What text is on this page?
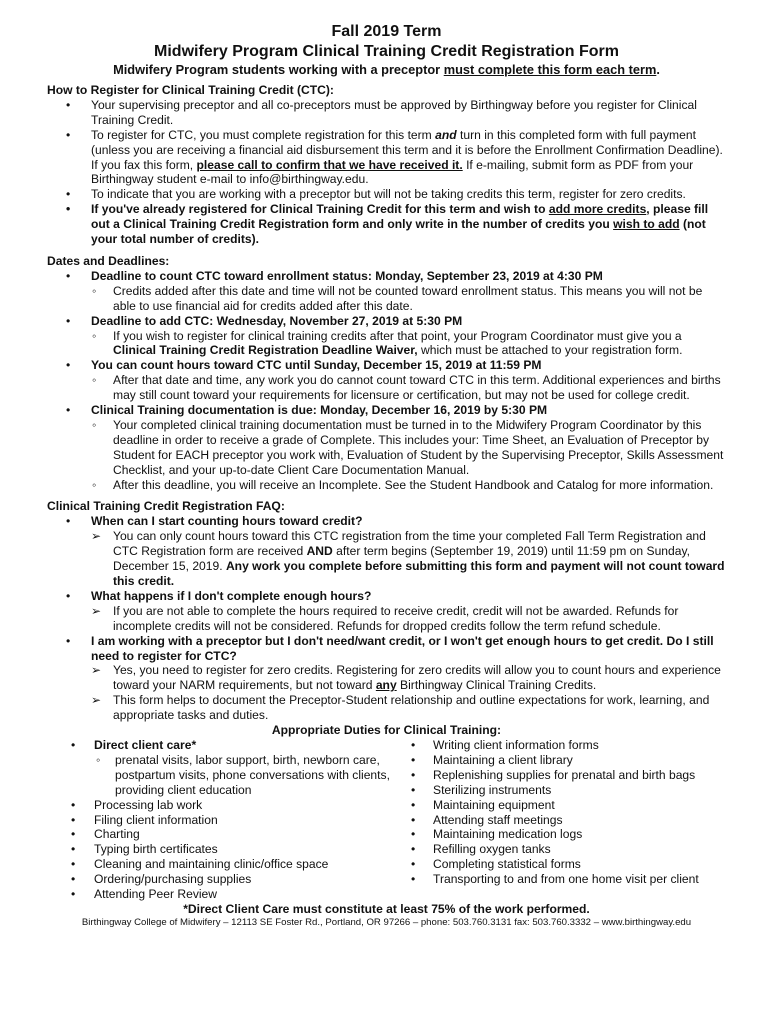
Fall 2019 Term

Midwifery Program Clinical Training Credit Registration Form

Midwifery Program students working with a preceptor must complete this form each term.

How to Register for Clinical Training Credit (CTC):

• Your supervising preceptor and all co-preceptors must be approved by Birthingway before you register for Clinical Training Credit.
• To register for CTC, you must complete registration for this term and turn in this completed form with full payment (unless you are receiving a financial aid disbursement this term and it is before the Enrollment Confirmation Deadline). If you fax this form, please call to confirm that we have received it. If e-mailing, submit form as PDF from your Birthingway student e-mail to info@birthingway.edu.
• To indicate that you are working with a preceptor but will not be taking credits this term, register for zero credits.
• If you've already registered for Clinical Training Credit for this term and wish to add more credits, please fill out a Clinical Training Credit Registration form and only write in the number of credits you wish to add (not your total number of credits).

Dates and Deadlines:

• Deadline to count CTC toward enrollment status: Monday, September 23, 2019 at 4:30 PM
◦ Credits added after this date and time will not be counted toward enrollment status. This means you will not be able to use financial aid for credits added after this date.
• Deadline to add CTC: Wednesday, November 27, 2019 at 5:30 PM
◦ If you wish to register for clinical training credits after that point, your Program Coordinator must give you a Clinical Training Credit Registration Deadline Waiver, which must be attached to your registration form.
• You can count hours toward CTC until Sunday, December 15, 2019 at 11:59 PM
◦ After that date and time, any work you do cannot count toward CTC in this term. Additional experiences and births may still count toward your requirements for licensure or certification, but may not be used for college credit.
• Clinical Training documentation is due: Monday, December 16, 2019 by 5:30 PM
◦ Your completed clinical training documentation must be turned in to the Midwifery Program Coordinator by this deadline in order to receive a grade of Complete. This includes your: Time Sheet, an Evaluation of Preceptor by Student for EACH preceptor you work with, Evaluation of Student by the Supervising Preceptor, Skills Assessment Checklist, and your up-to-date Client Care Documentation Manual.
◦ After this deadline, you will receive an Incomplete. See the Student Handbook and Catalog for more information.

Clinical Training Credit Registration FAQ:

• When can I start counting hours toward credit?
➢ You can only count hours toward this CTC registration from the time your completed Fall Term Registration and CTC Registration form are received AND after term begins (September 19, 2019) until 11:59 pm on Sunday, December 15, 2019. Any work you complete before submitting this form and payment will not count toward this credit.
• What happens if I don't complete enough hours?
➢ If you are not able to complete the hours required to receive credit, credit will not be awarded. Refunds for incomplete credits will not be considered. Refunds for dropped credits follow the term refund schedule.
• I am working with a preceptor but I don't need/want credit, or I won't get enough hours to get credit. Do I still need to register for CTC?
➢ Yes, you need to register for zero credits. Registering for zero credits will allow you to count hours and experience toward your NARM requirements, but not toward any Birthingway Clinical Training Credits.
➢ This form helps to document the Preceptor-Student relationship and outline expectations for work, learning, and appropriate tasks and duties.

Appropriate Duties for Clinical Training:

• Direct client care*
◦ prenatal visits, labor support, birth, newborn care, postpartum visits, phone conversations with clients, providing client education
• Processing lab work
• Filing client information
• Charting
• Typing birth certificates
• Cleaning and maintaining clinic/office space
• Ordering/purchasing supplies
• Attending Peer Review
• Writing client information forms
• Maintaining a client library
• Replenishing supplies for prenatal and birth bags
• Sterilizing instruments
• Maintaining equipment
• Attending staff meetings
• Maintaining medication logs
• Refilling oxygen tanks
• Completing statistical forms
• Transporting to and from one home visit per client

*Direct Client Care must constitute at least 75% of the work performed.

Birthingway College of Midwifery – 12113 SE Foster Rd., Portland, OR 97266 – phone: 503.760.3131 fax: 503.760.3332 – www.birthingway.edu
